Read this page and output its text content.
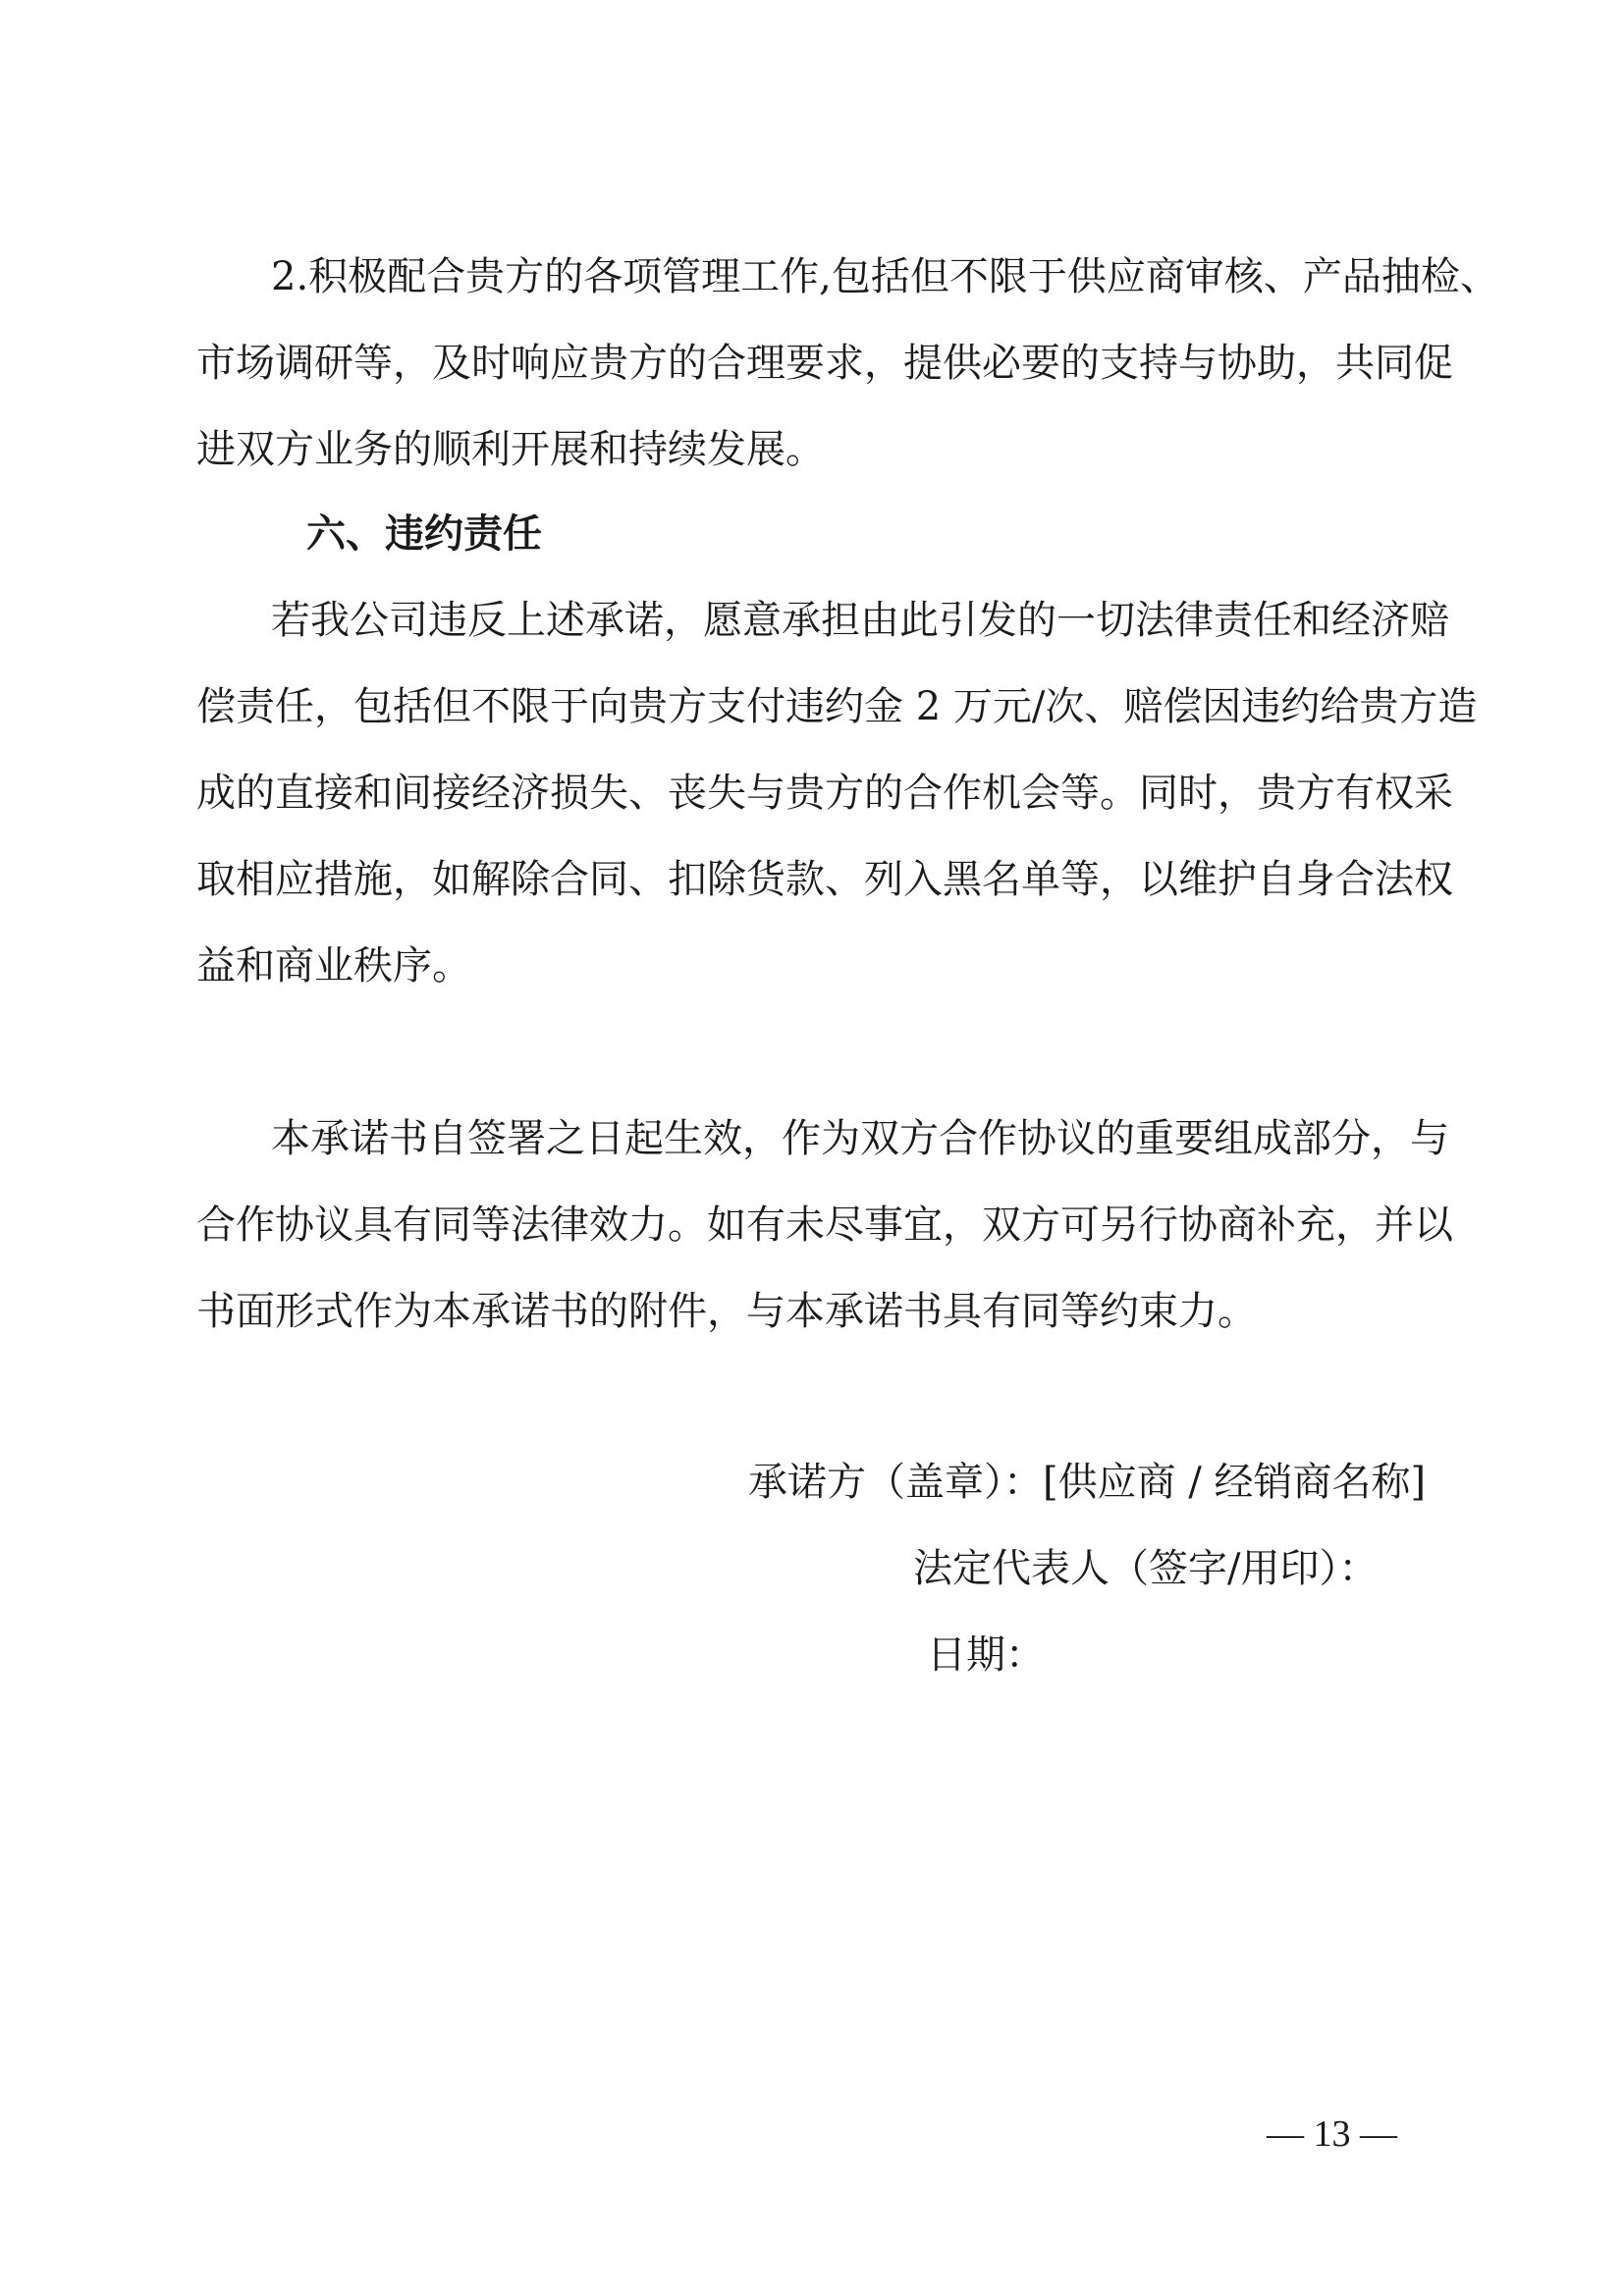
2.积极配合贵方的各项管理工作,包括但不限于供应商审核、产品抽检、
市场调研等，及时响应贵方的合理要求，提供必要的支持与协助，共同促
进双方业务的顺利开展和持续发展。
六、违约责任
若我公司违反上述承诺，愿意承担由此引发的一切法律责任和经济赔
偿责任，包括但不限于向贵方支付违约金 2 万元/次、赔偿因违约给贵方造
成的直接和间接经济损失、丧失与贵方的合作机会等。同时，贵方有权采
取相应措施，如解除合同、扣除货款、列入黑名单等，以维护自身合法权
益和商业秩序。
本承诺书自签署之日起生效，作为双方合作协议的重要组成部分，与
合作协议具有同等法律效力。如有未尽事宜，双方可另行协商补充，并以
书面形式作为本承诺书的附件，与本承诺书具有同等约束力。
承诺方（盖章）：[供应商 / 经销商名称]
法定代表人（签字/用印）：
日期：
— 13 —
